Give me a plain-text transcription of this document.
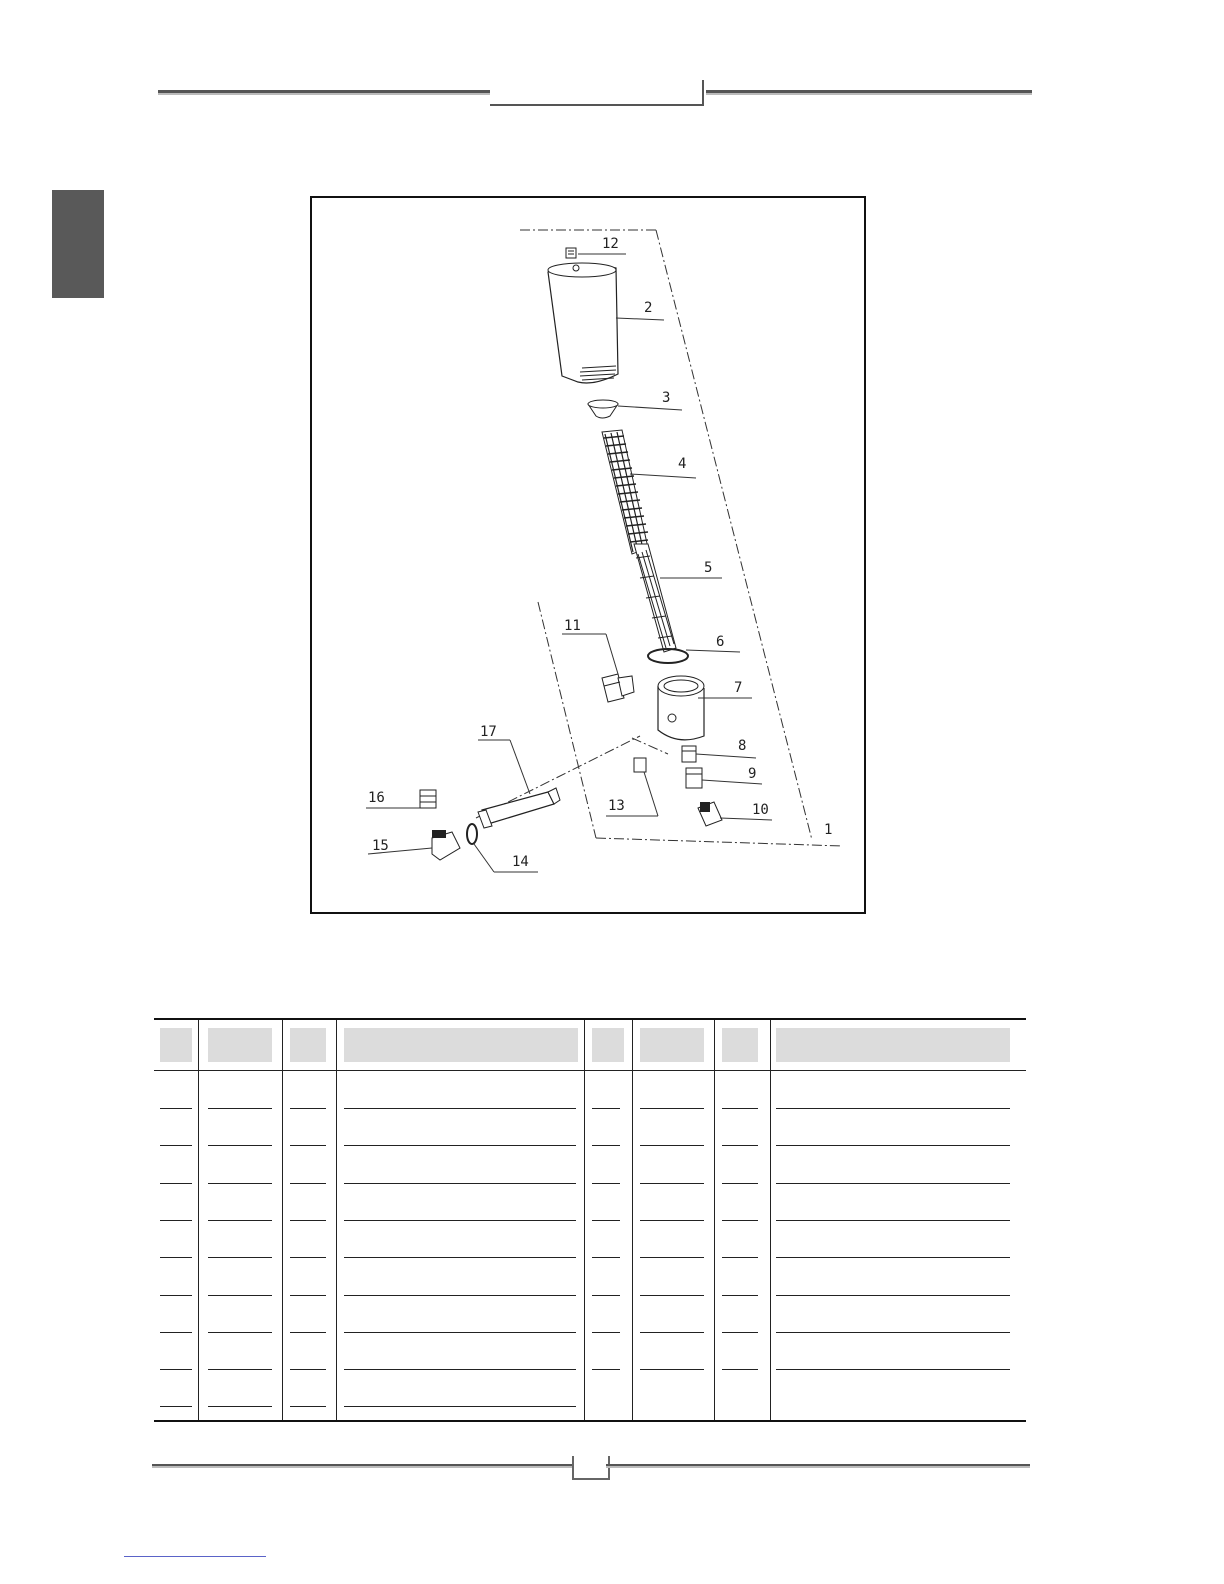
12
2
3
4
5
6
7
8
9
10
1
11
17
13
16
15
14
